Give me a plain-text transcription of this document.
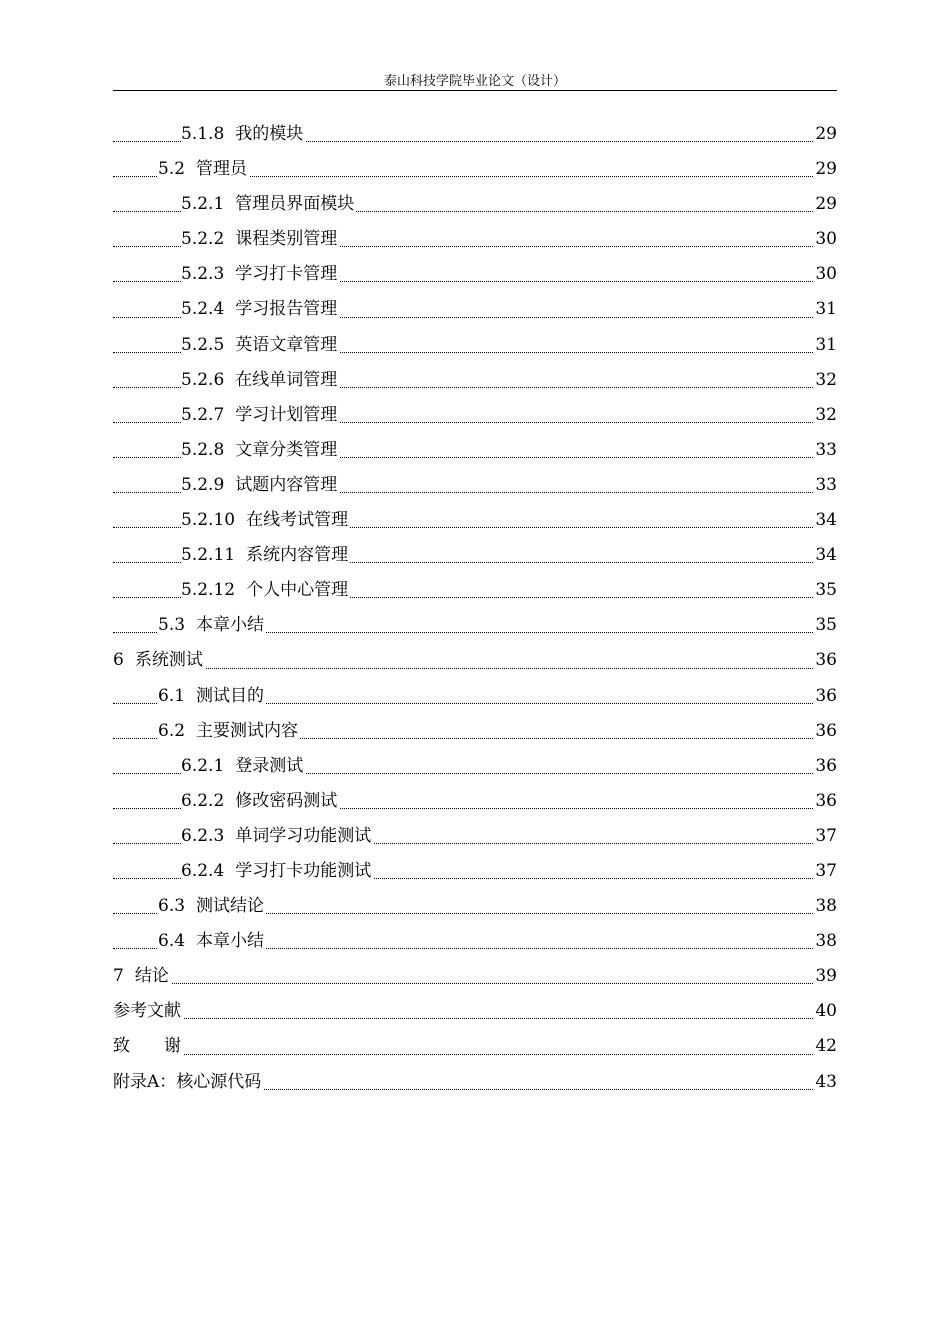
泰山科技学院毕业论文（设计）
5.1.8 我的模块	29
5.2 管理员	29
5.2.1 管理员界面模块	29
5.2.2 课程类别管理	30
5.2.3 学习打卡管理	30
5.2.4 学习报告管理	31
5.2.5 英语文章管理	31
5.2.6 在线单词管理	32
5.2.7 学习计划管理	32
5.2.8 文章分类管理	33
5.2.9 试题内容管理	33
5.2.10 在线考试管理	34
5.2.11 系统内容管理	34
5.2.12 个人中心管理	35
5.3 本章小结	35
6 系统测试	36
6.1 测试目的	36
6.2 主要测试内容	36
6.2.1 登录测试	36
6.2.2 修改密码测试	36
6.2.3 单词学习功能测试	37
6.2.4 学习打卡功能测试	37
6.3 测试结论	38
6.4 本章小结	38
7 结论	39
参考文献	40
致　　谢	42
附录A：核心源代码	43
